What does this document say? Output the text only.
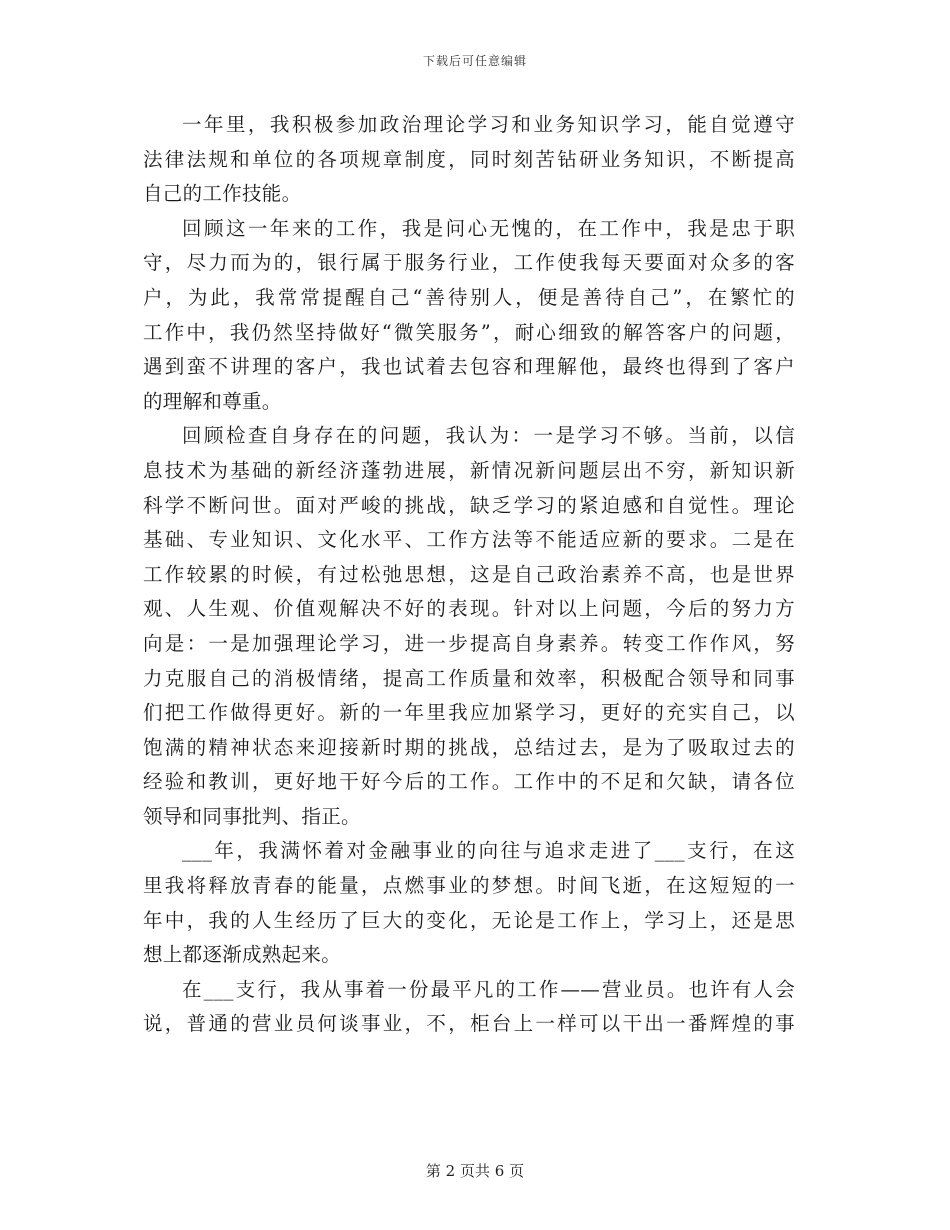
下载后可任意编辑
一年里，我积极参加政治理论学习和业务知识学习，能自觉遵守
法律法规和单位的各项规章制度，同时刻苦钻研业务知识，不断提高
自己的工作技能。
回顾这一年来的工作，我是问心无愧的，在工作中，我是忠于职
守，尽力而为的，银行属于服务行业，工作使我每天要面对众多的客
户，为此，我常常提醒自己“善待别人，便是善待自己”，在繁忙的
工作中，我仍然坚持做好“微笑服务”，耐心细致的解答客户的问题，
遇到蛮不讲理的客户，我也试着去包容和理解他，最终也得到了客户
的理解和尊重。
回顾检查自身存在的问题，我认为：一是学习不够。当前，以信
息技术为基础的新经济蓬勃进展，新情况新问题层出不穷，新知识新
科学不断问世。面对严峻的挑战，缺乏学习的紧迫感和自觉性。理论
基础、专业知识、文化水平、工作方法等不能适应新的要求。二是在
工作较累的时候，有过松弛思想，这是自己政治素养不高，也是世界
观、人生观、价值观解决不好的表现。针对以上问题，今后的努力方
向是：一是加强理论学习，进一步提高自身素养。转变工作作风，努
力克服自己的消极情绪，提高工作质量和效率，积极配合领导和同事
们把工作做得更好。新的一年里我应加紧学习，更好的充实自己，以
饱满的精神状态来迎接新时期的挑战，总结过去，是为了吸取过去的
经验和教训，更好地干好今后的工作。工作中的不足和欠缺，请各位
领导和同事批判、指正。
___年，我满怀着对金融事业的向往与追求走进了___支行，在这
里我将释放青春的能量，点燃事业的梦想。时间飞逝，在这短短的一
年中，我的人生经历了巨大的变化，无论是工作上，学习上，还是思
想上都逐渐成熟起来。
在___支行，我从事着一份最平凡的工作——营业员。也许有人会
说，普通的营业员何谈事业，不，柜台上一样可以干出一番辉煌的事
第 2 页共 6 页
